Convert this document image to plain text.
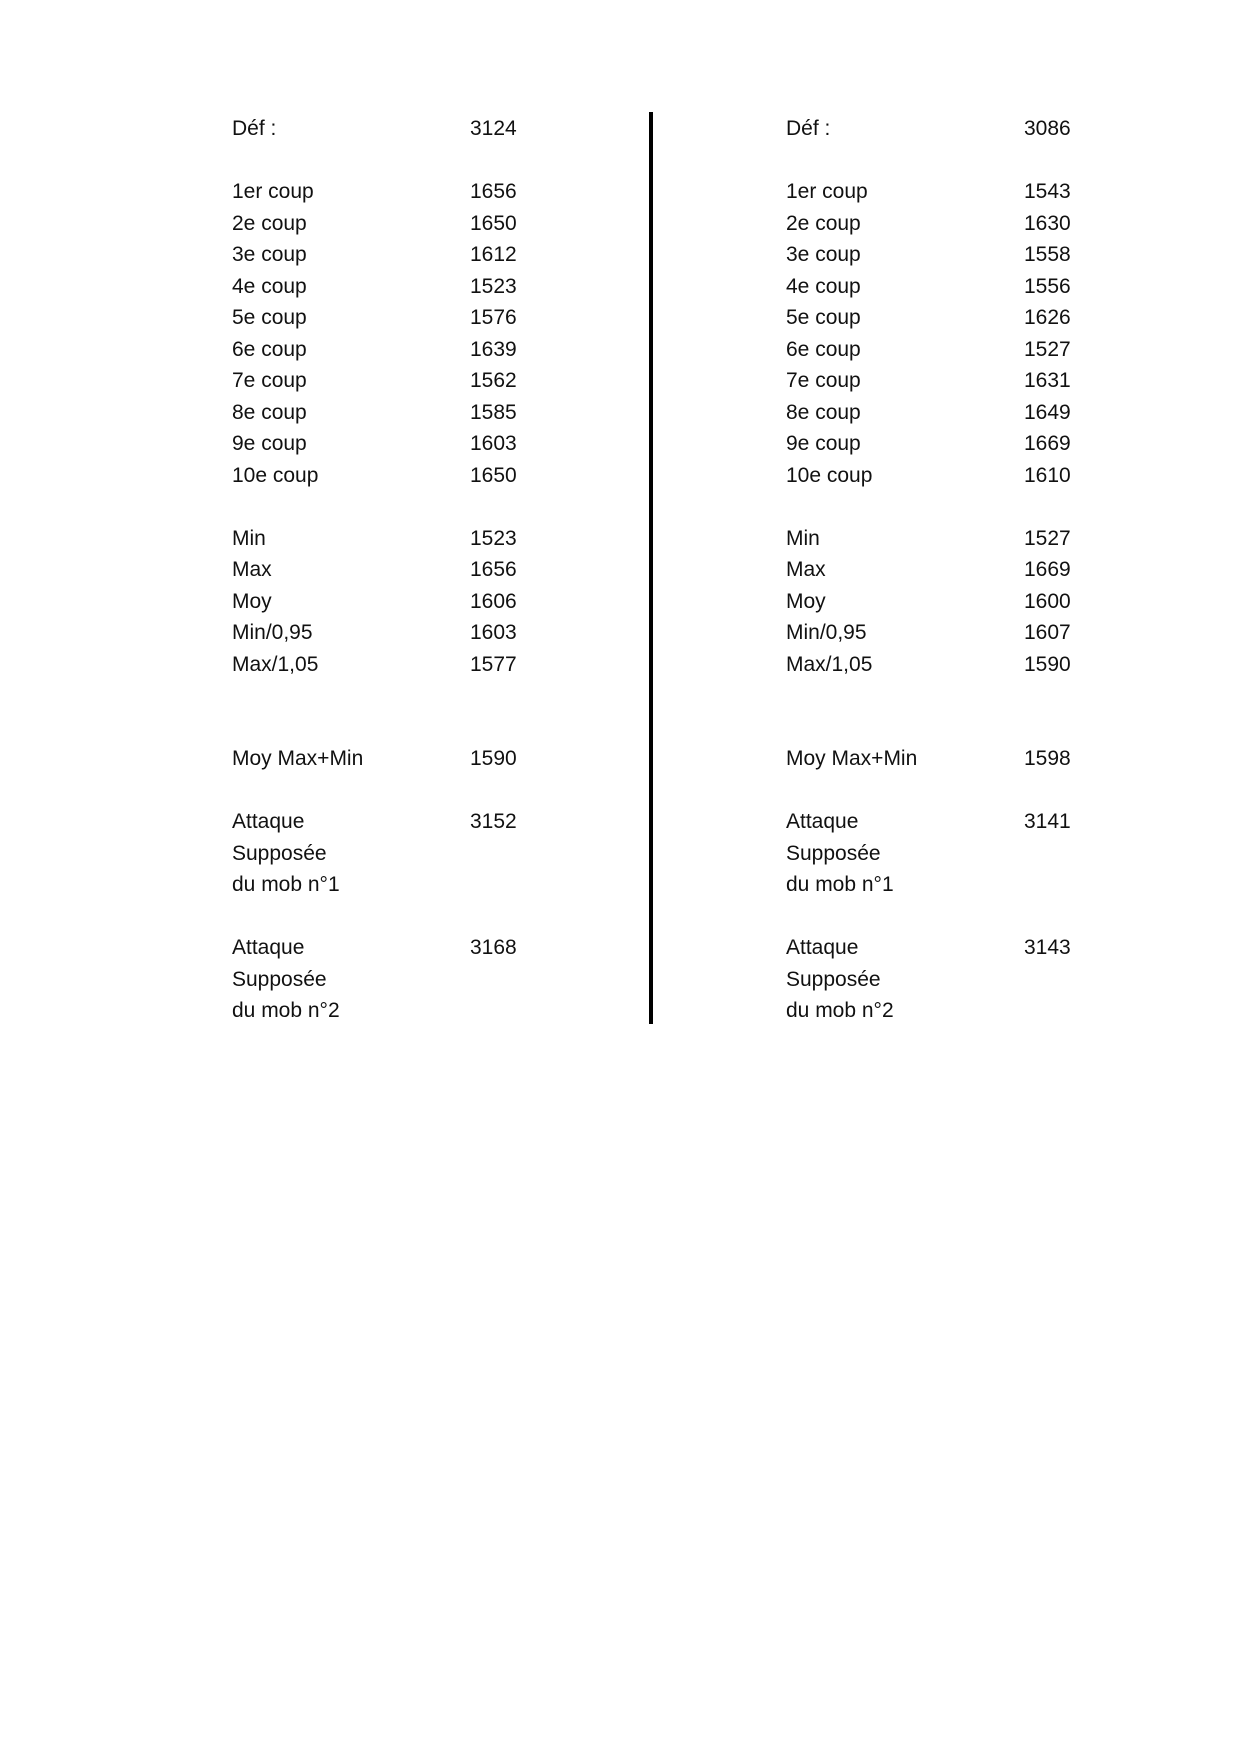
Déf :	3124
1er coup	1656
2e coup	1650
3e coup	1612
4e coup	1523
5e coup	1576
6e coup	1639
7e coup	1562
8e coup	1585
9e coup	1603
10e coup	1650
Min	1523
Max	1656
Moy	1606
Min/0,95	1603
Max/1,05	1577
Moy Max+Min	1590
Attaque	3152
Supposée
du mob n°1
Attaque	3168
Supposée
du mob n°2
Déf :	3086
1er coup	1543
2e coup	1630
3e coup	1558
4e coup	1556
5e coup	1626
6e coup	1527
7e coup	1631
8e coup	1649
9e coup	1669
10e coup	1610
Min	1527
Max	1669
Moy	1600
Min/0,95	1607
Max/1,05	1590
Moy Max+Min	1598
Attaque	3141
Supposée
du mob n°1
Attaque	3143
Supposée
du mob n°2
